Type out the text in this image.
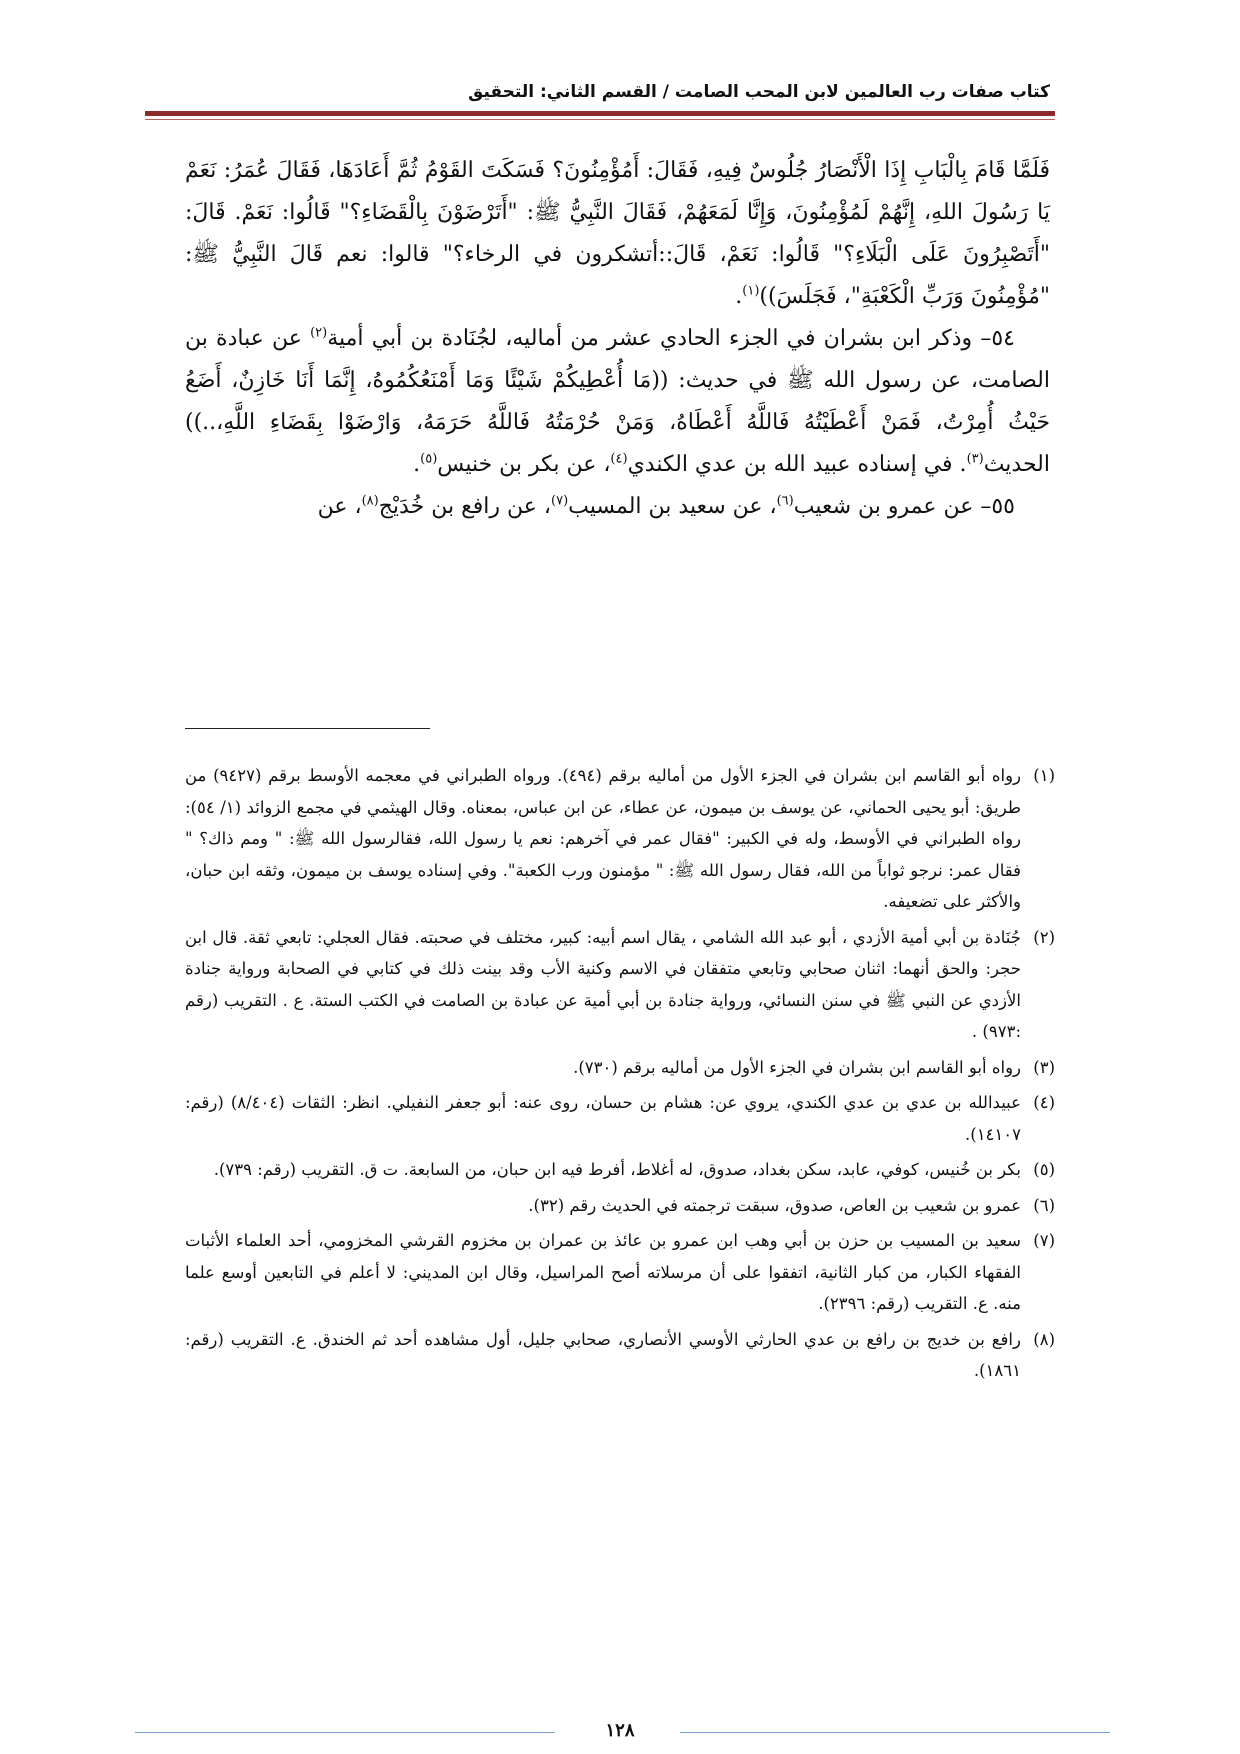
كتاب صفات رب العالمين لابن المحب الصامت / القسم الثاني: التحقيق

فَلَمَّا قَامَ بِالْبَابِ إِذَا الْأَنْصَارُ جُلُوسٌ فِيهِ، فَقَالَ: أَمُؤْمِنُونَ؟ فَسَكَتَ القَوْمُ ثُمَّ أَعَادَهَا، فَقَالَ عُمَرُ: نَعَمْ يَا رَسُولَ اللهِ، إِنَّهُمْ لَمُؤْمِنُونَ، وَإِنَّا لَمَعَهُمْ، فَقَالَ النَّبِيُّ ﷺ: "أَتَرْضَوْنَ بِالْقَضَاءِ؟" قَالُوا: نَعَمْ. قَالَ: "أَتَصْبِرُونَ عَلَى الْبَلَاءِ؟" قَالُوا: نَعَمْ، قَالَ::أتشكرون في الرخاء؟" قالوا: نعم قَالَ النَّبِيُّ ﷺ: "مُؤْمِنُونَ وَرَبِّ الْكَعْبَةِ"، فَجَلَسَ))$^{(١)}$.

٥٤– وذكر ابن بشران في الجزء الحادي عشر من أماليه، لجُنَادة بن أبي أمية$^{(٢)}$ عن عبادة بن الصامت، عن رسول الله ﷺ في حديث: ((مَا أُعْطِيكُمْ شَيْئًا وَمَا أَمْنَعُكُمُوهُ، إِنَّمَا أَنَا خَازِنٌ، أَضَعُ حَيْثُ أُمِرْتُ، فَمَنْ أَعْطَيْتُهُ فَاللَّهُ أَعْطَاهُ، وَمَنْ حُرْمَتُهُ فَاللَّهُ حَرَمَهُ، وَارْضَوْا بِقَضَاءِ اللَّهِ،..)) الحديث$^{(٣)}$. في إسناده عبيد الله بن عدي الكندي$^{(٤)}$، عن بكر بن خنيس$^{(٥)}$.

٥٥– عن عمرو بن شعيب$^{(٦)}$، عن سعيد بن المسيب$^{(٧)}$، عن رافع بن خُدَيْج$^{(٨)}$، عن

(١)
رواه أبو القاسم ابن بشران في الجزء الأول من أماليه برقم (٤٩٤). ورواه الطبراني في معجمه الأوسط برقم (٩٤٢٧) من طريق: أبو يحيى الحماني، عن يوسف بن ميمون، عن عطاء، عن ابن عباس، بمعناه. وقال الهيثمي في مجمع الزوائد (١/ ٥٤): رواه الطبراني في الأوسط، وله في الكبير: "فقال عمر في آخرهم: نعم يا رسول الله، فقالرسول الله ﷺ: " ومم ذاك؟ " فقال عمر: نرجو ثواباً من الله، فقال رسول الله ﷺ: " مؤمنون ورب الكعبة". وفي إسناده يوسف بن ميمون، وثقه ابن حبان، والأكثر على تضعيفه.
(٢)
جُنَادة بن أبي أمية الأزدي ، أبو عبد الله الشامي ، يقال اسم أبيه: كبير، مختلف في صحبته. فقال العجلي: تابعي ثقة. قال ابن حجر: والحق أنهما: اثنان صحابي وتابعي متفقان في الاسم وكنية الأب وقد بينت ذلك في كتابي في الصحابة ورواية جنادة الأزدي عن النبي ﷺ في سنن النسائي، ورواية جنادة بن أبي أمية عن عبادة بن الصامت في الكتب الستة. ع . التقريب (رقم :٩٧٣) .
(٣)
رواه أبو القاسم ابن بشران في الجزء الأول من أماليه برقم (٧٣٠).
(٤)
عبيدالله بن عدي بن عدي الكندي، يروي عن: هشام بن حسان، روى عنه: أبو جعفر النفيلي. انظر: الثقات (٨/٤٠٤) (رقم: ١٤١٠٧).
(٥)
بكر بن خُنيس، كوفي، عابد، سكن بغداد، صدوق، له أغلاط، أفرط فيه ابن حبان، من السابعة. ت ق. التقريب (رقم: ٧٣٩).
(٦)
عمرو بن شعيب بن العاص، صدوق، سبقت ترجمته في الحديث رقم (٣٢).
(٧)
سعيد بن المسيب بن حزن بن أبي وهب ابن عمرو بن عائذ بن عمران بن مخزوم القرشي المخزومي، أحد العلماء الأثبات الفقهاء الكبار، من كبار الثانية، اتفقوا على أن مرسلاته أصح المراسيل، وقال ابن المديني: لا أعلم في التابعين أوسع علما منه. ع. التقريب (رقم: ٢٣٩٦).
(٨)
رافع بن خديج بن رافع بن عدي الحارثي الأوسي الأنصاري، صحابي جليل، أول مشاهده أحد ثم الخندق. ع. التقريب (رقم: ١٨٦١).
١٢٨
